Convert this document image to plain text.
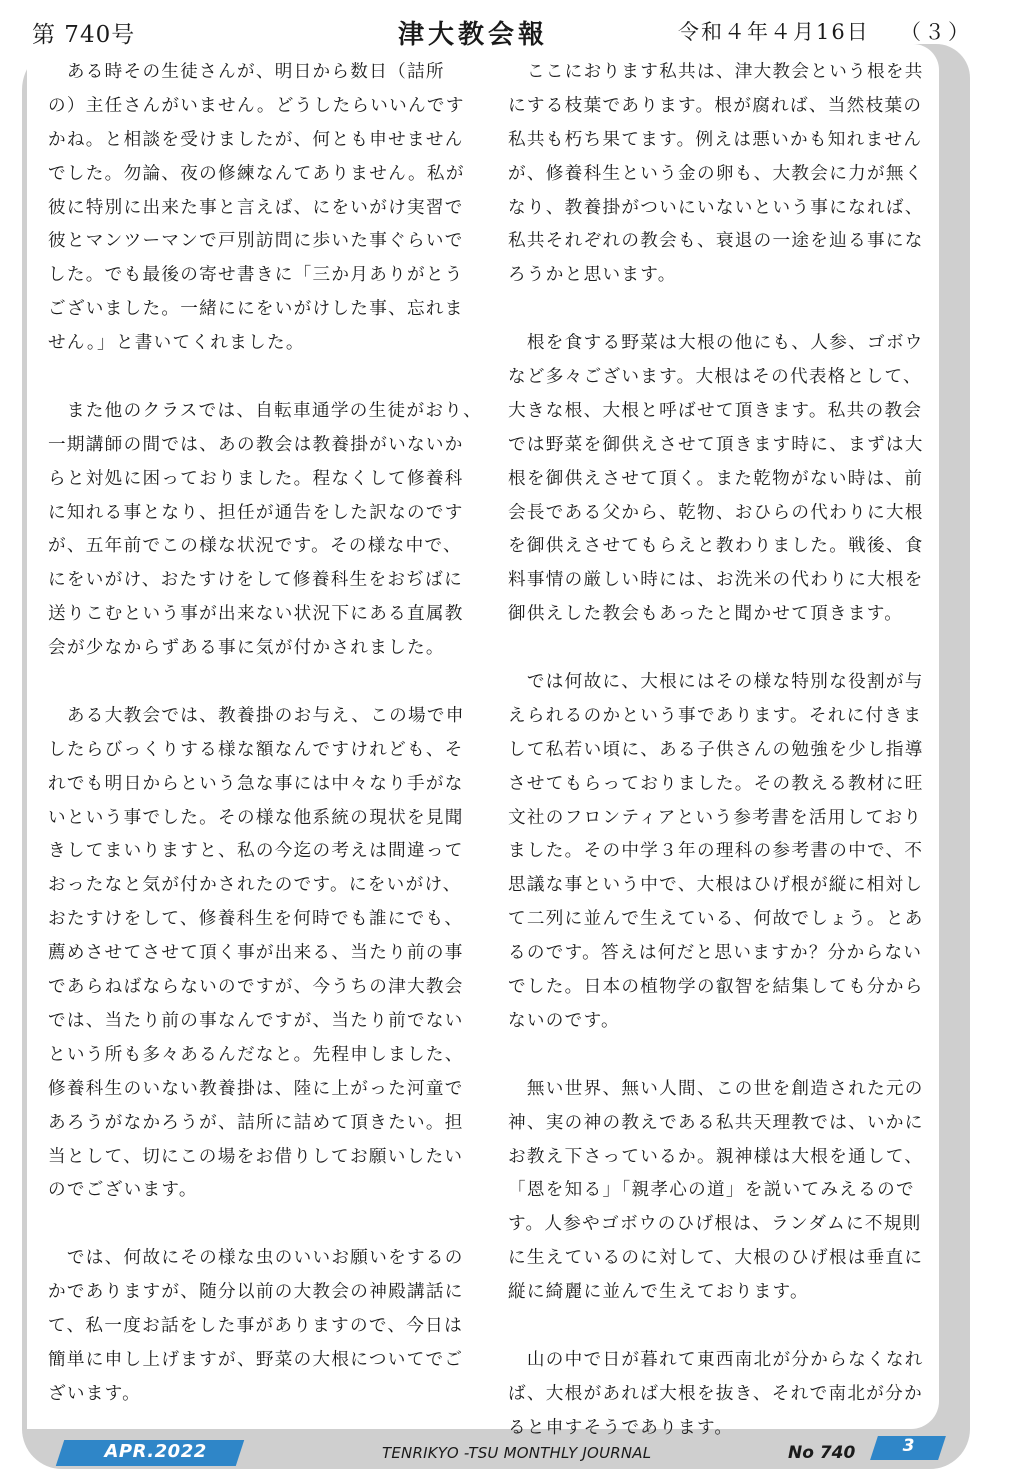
第 740号	津大教会報	令和４年４月16日 （３）
　ある時その生徒さんが、明日から数日（詰所
の）主任さんがいません。どうしたらいいんです
かね。と相談を受けましたが、何とも申せません
でした。勿論、夜の修練なんてありません。私が
彼に特別に出来た事と言えば、にをいがけ実習で
彼とマンツーマンで戸別訪問に歩いた事ぐらいで
した。でも最後の寄せ書きに「三か月ありがとう
ございました。一緒ににをいがけした事、忘れま
せん。」と書いてくれました。
　また他のクラスでは、自転車通学の生徒がおり、
一期講師の間では、あの教会は教養掛がいないか
らと対処に困っておりました。程なくして修養科
に知れる事となり、担任が通告をした訳なのです
が、五年前でこの様な状況です。その様な中で、
にをいがけ、おたすけをして修養科生をおぢばに
送りこむという事が出来ない状況下にある直属教
会が少なからずある事に気が付かされました。
　ある大教会では、教養掛のお与え、この場で申
したらびっくりする様な額なんですけれども、そ
れでも明日からという急な事には中々なり手がな
いという事でした。その様な他系統の現状を見聞
きしてまいりますと、私の今迄の考えは間違って
おったなと気が付かされたのです。にをいがけ、
おたすけをして、修養科生を何時でも誰にでも、
薦めさせてさせて頂く事が出来る、当たり前の事
であらねばならないのですが、今うちの津大教会
では、当たり前の事なんですが、当たり前でない
という所も多々あるんだなと。先程申しました、
修養科生のいない教養掛は、陸に上がった河童で
あろうがなかろうが、詰所に詰めて頂きたい。担
当として、切にこの場をお借りしてお願いしたい
のでございます。
　では、何故にその様な虫のいいお願いをするの
かでありますが、随分以前の大教会の神殿講話に
て、私一度お話をした事がありますので、今日は
簡単に申し上げますが、野菜の大根についてでご
ざいます。
　ここにおります私共は、津大教会という根を共
にする枝葉であります。根が腐れば、当然枝葉の
私共も朽ち果てます。例えは悪いかも知れません
が、修養科生という金の卵も、大教会に力が無く
なり、教養掛がついにいないという事になれば、
私共それぞれの教会も、衰退の一途を辿る事にな
ろうかと思います。
　根を食する野菜は大根の他にも、人参、ゴボウ
など多々ございます。大根はその代表格として、
大きな根、大根と呼ばせて頂きます。私共の教会
では野菜を御供えさせて頂きます時に、まずは大
根を御供えさせて頂く。また乾物がない時は、前
会長である父から、乾物、おひらの代わりに大根
を御供えさせてもらえと教わりました。戦後、食
料事情の厳しい時には、お洗米の代わりに大根を
御供えした教会もあったと聞かせて頂きます。
　では何故に、大根にはその様な特別な役割が与
えられるのかという事であります。それに付きま
して私若い頃に、ある子供さんの勉強を少し指導
させてもらっておりました。その教える教材に旺
文社のフロンティアという参考書を活用しており
ました。その中学３年の理科の参考書の中で、不
思議な事という中で、大根はひげ根が縦に相対し
て二列に並んで生えている、何故でしょう。とあ
るのです。答えは何だと思いますか？分からない
でした。日本の植物学の叡智を結集しても分から
ないのです。
　無い世界、無い人間、この世を創造された元の
神、実の神の教えである私共天理教では、いかに
お教え下さっているか。親神様は大根を通して、
「恩を知る」「親孝心の道」を説いてみえるので
す。人参やゴボウのひげ根は、ランダムに不規則
に生えているのに対して、大根のひげ根は垂直に
縦に綺麗に並んで生えております。
　山の中で日が暮れて東西南北が分からなくなれ
ば、大根があれば大根を抜き、それで南北が分か
ると申すそうであります。
APR.2022	TENRIKYO -TSU MONTHLY JOURNAL	No 740	3
